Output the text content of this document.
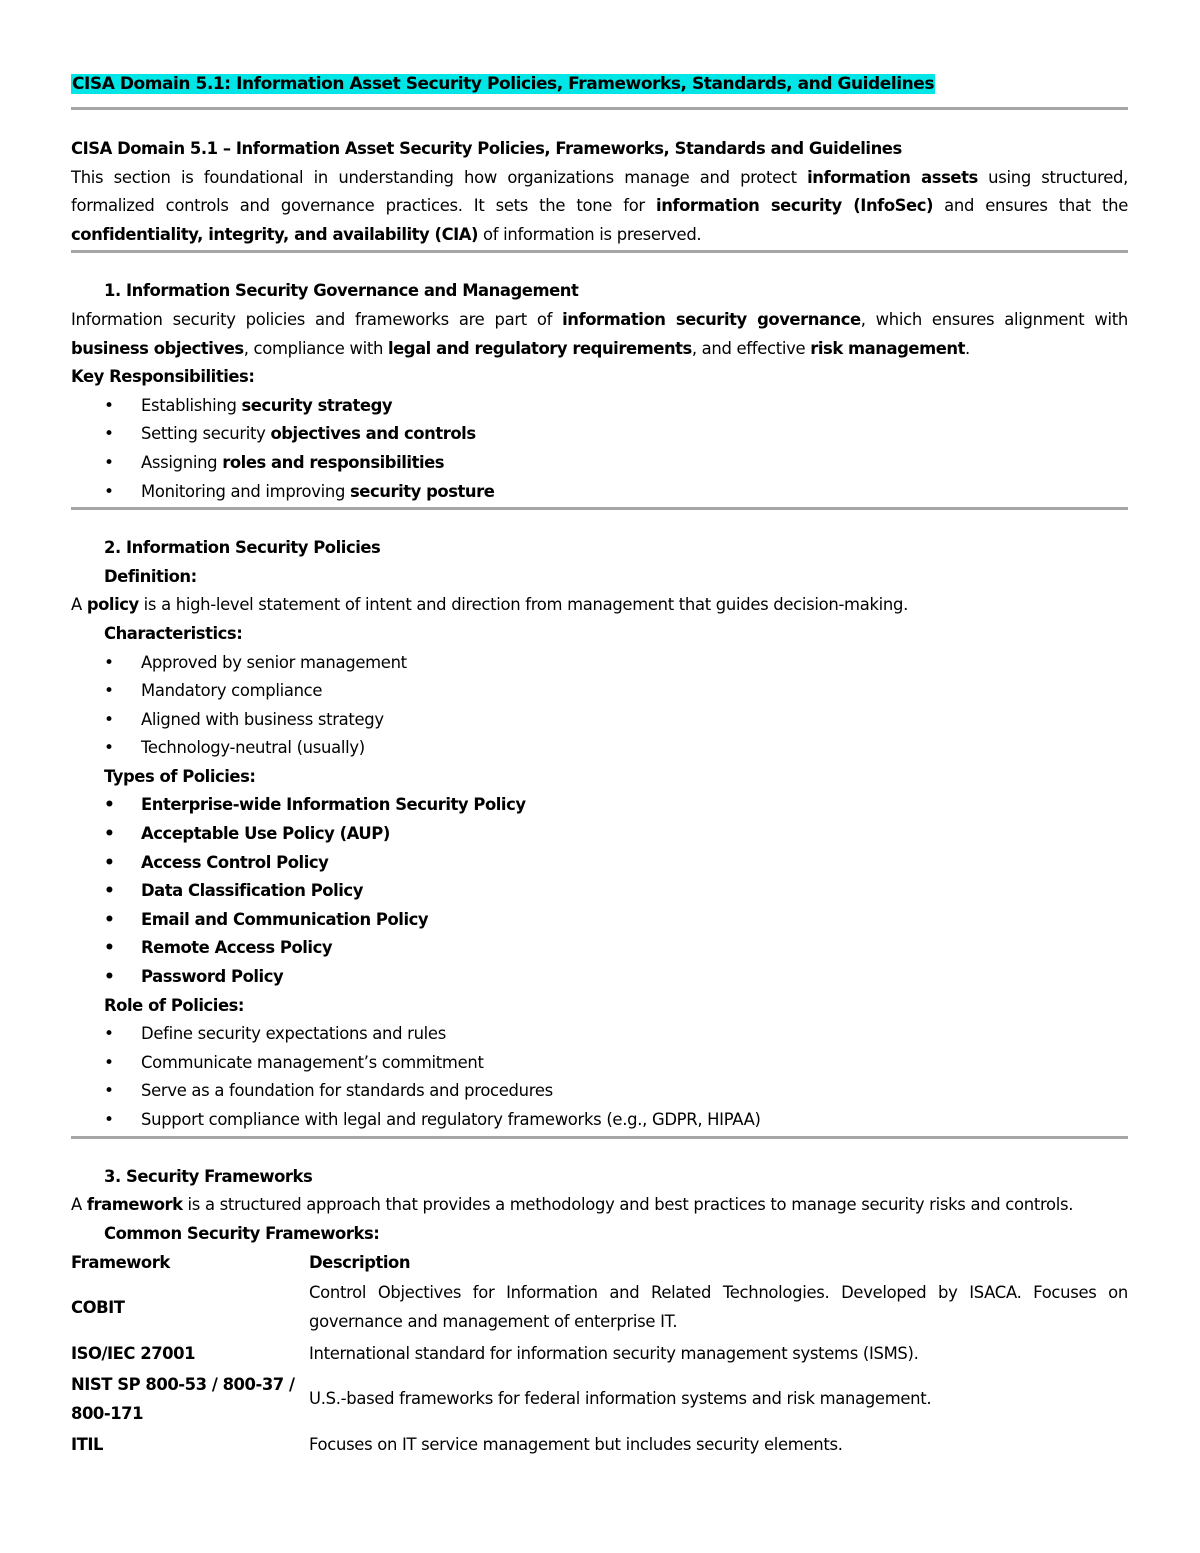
CISA Domain 5.1: Information Asset Security Policies, Frameworks, Standards, and Guidelines
CISA Domain 5.1 – Information Asset Security Policies, Frameworks, Standards and Guidelines
This section is foundational in understanding how organizations manage and protect information assets using structured, formalized controls and governance practices. It sets the tone for information security (InfoSec) and ensures that the confidentiality, integrity, and availability (CIA) of information is preserved.
1. Information Security Governance and Management
Information security policies and frameworks are part of information security governance, which ensures alignment with business objectives, compliance with legal and regulatory requirements, and effective risk management.
Key Responsibilities:
• Establishing security strategy
• Setting security objectives and controls
• Assigning roles and responsibilities
• Monitoring and improving security posture
2. Information Security Policies
Definition:
A policy is a high-level statement of intent and direction from management that guides decision-making.
Characteristics:
• Approved by senior management
• Mandatory compliance
• Aligned with business strategy
• Technology-neutral (usually)
Types of Policies:
• Enterprise-wide Information Security Policy
• Acceptable Use Policy (AUP)
• Access Control Policy
• Data Classification Policy
• Email and Communication Policy
• Remote Access Policy
• Password Policy
Role of Policies:
• Define security expectations and rules
• Communicate management’s commitment
• Serve as a foundation for standards and procedures
• Support compliance with legal and regulatory frameworks (e.g., GDPR, HIPAA)
3. Security Frameworks
A framework is a structured approach that provides a methodology and best practices to manage security risks and controls.
Common Security Frameworks:
Framework	Description
COBIT	Control Objectives for Information and Related Technologies. Developed by ISACA. Focuses on governance and management of enterprise IT.
ISO/IEC 27001	International standard for information security management systems (ISMS).
NIST SP 800-53 / 800-37 / 800-171	U.S.-based frameworks for federal information systems and risk management.
ITIL	Focuses on IT service management but includes security elements.
